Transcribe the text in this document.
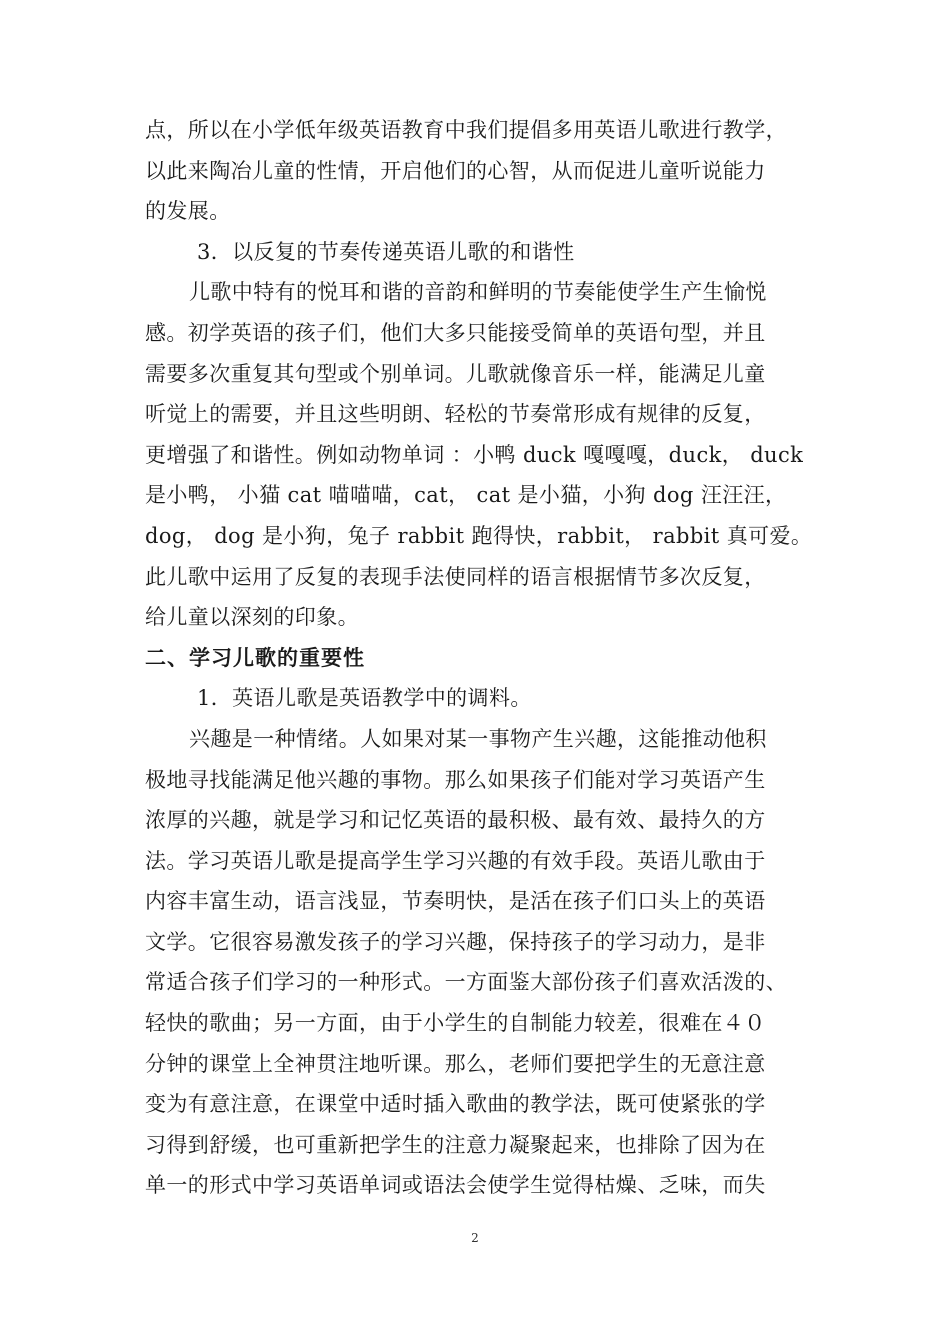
点，所以在小学低年级英语教育中我们提倡多用英语儿歌进行教学，
以此来陶冶儿童的性情，开启他们的心智，从而促进儿童听说能力
的发展。
3．以反复的节奏传递英语儿歌的和谐性
儿歌中特有的悦耳和谐的音韵和鲜明的节奏能使学生产生愉悦
感。初学英语的孩子们，他们大多只能接受简单的英语句型，并且
需要多次重复其句型或个别单词。儿歌就像音乐一样，能满足儿童
听觉上的需要，并且这些明朗、轻松的节奏常形成有规律的反复，
更增强了和谐性。例如动物单词 ：小鸭 duck 嘎嘎嘎，duck， duck
是小鸭， 小猫 cat 喵喵喵，cat， cat 是小猫，小狗 dog 汪汪汪，
dog， dog 是小狗，兔子 rabbit 跑得快，rabbit， rabbit 真可爱。
此儿歌中运用了反复的表现手法使同样的语言根据情节多次反复，
给儿童以深刻的印象。
二、学习儿歌的重要性
1．英语儿歌是英语教学中的调料。
兴趣是一种情绪。人如果对某一事物产生兴趣，这能推动他积
极地寻找能满足他兴趣的事物。那么如果孩子们能对学习英语产生
浓厚的兴趣，就是学习和记忆英语的最积极、最有效、最持久的方
法。学习英语儿歌是提高学生学习兴趣的有效手段。英语儿歌由于
内容丰富生动，语言浅显，节奏明快，是活在孩子们口头上的英语
文学。它很容易激发孩子的学习兴趣，保持孩子的学习动力，是非
常适合孩子们学习的一种形式。一方面鉴大部份孩子们喜欢活泼的、
轻快的歌曲；另一方面，由于小学生的自制能力较差，很难在４０
分钟的课堂上全神贯注地听课。那么，老师们要把学生的无意注意
变为有意注意，在课堂中适时插入歌曲的教学法，既可使紧张的学
习得到舒缓，也可重新把学生的注意力凝聚起来，也排除了因为在
单一的形式中学习英语单词或语法会使学生觉得枯燥、乏味，而失
2
